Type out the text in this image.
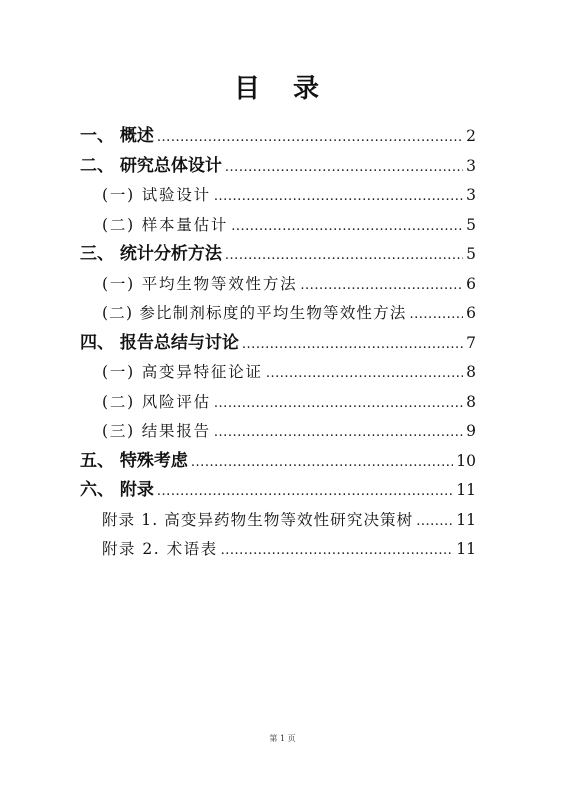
目 录
一、 概述 .....	2
二、 研究总体设计 .....	3
(一) 试验设计 .....	3
(二) 样本量估计 .....	5
三、 统计分析方法 .....	5
(一) 平均生物等效性方法 .....	6
(二) 参比制剂标度的平均生物等效性方法 .....	6
四、 报告总结与讨论 .....	7
(一) 高变异特征论证 .....	8
(二) 风险评估 .....	8
(三) 结果报告 .....	9
五、 特殊考虑 .....	10
六、 附录 .....	11
附录 1. 高变异药物生物等效性研究决策树 .....	11
附录 2. 术语表 .....	11
第 1 页
